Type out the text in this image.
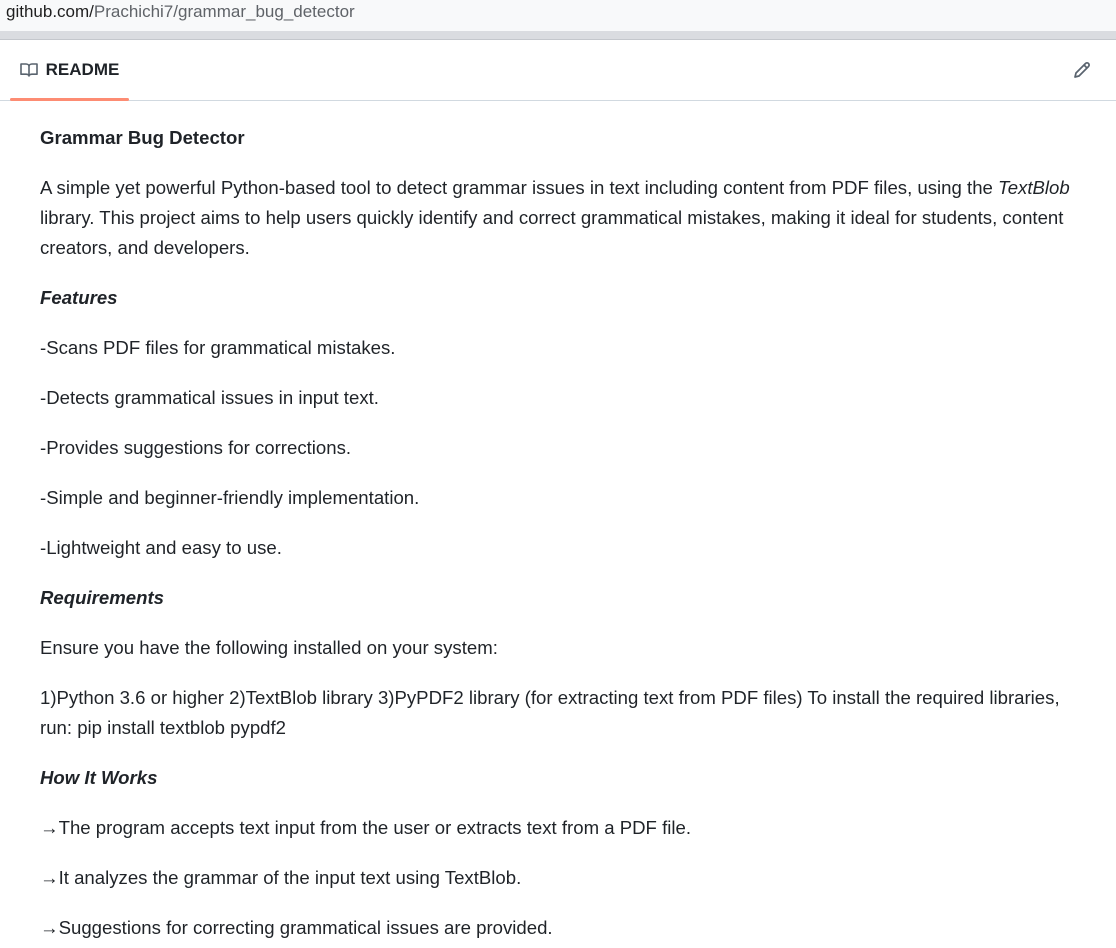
github.com/Prachichi7/grammar_bug_detector
README

Grammar Bug Detector

A simple yet powerful Python-based tool to detect grammar issues in text including content from PDF files, using the TextBlob library. This project aims to help users quickly identify and correct grammatical mistakes, making it ideal for students, content creators, and developers.

Features

-Scans PDF files for grammatical mistakes.

-Detects grammatical issues in input text.

-Provides suggestions for corrections.

-Simple and beginner-friendly implementation.

-Lightweight and easy to use.

Requirements

Ensure you have the following installed on your system:

1)Python 3.6 or higher 2)TextBlob library 3)PyPDF2 library (for extracting text from PDF files) To install the required libraries, run: pip install textblob pypdf2

How It Works

→The program accepts text input from the user or extracts text from a PDF file.

→It analyzes the grammar of the input text using TextBlob.

→Suggestions for correcting grammatical issues are provided.
